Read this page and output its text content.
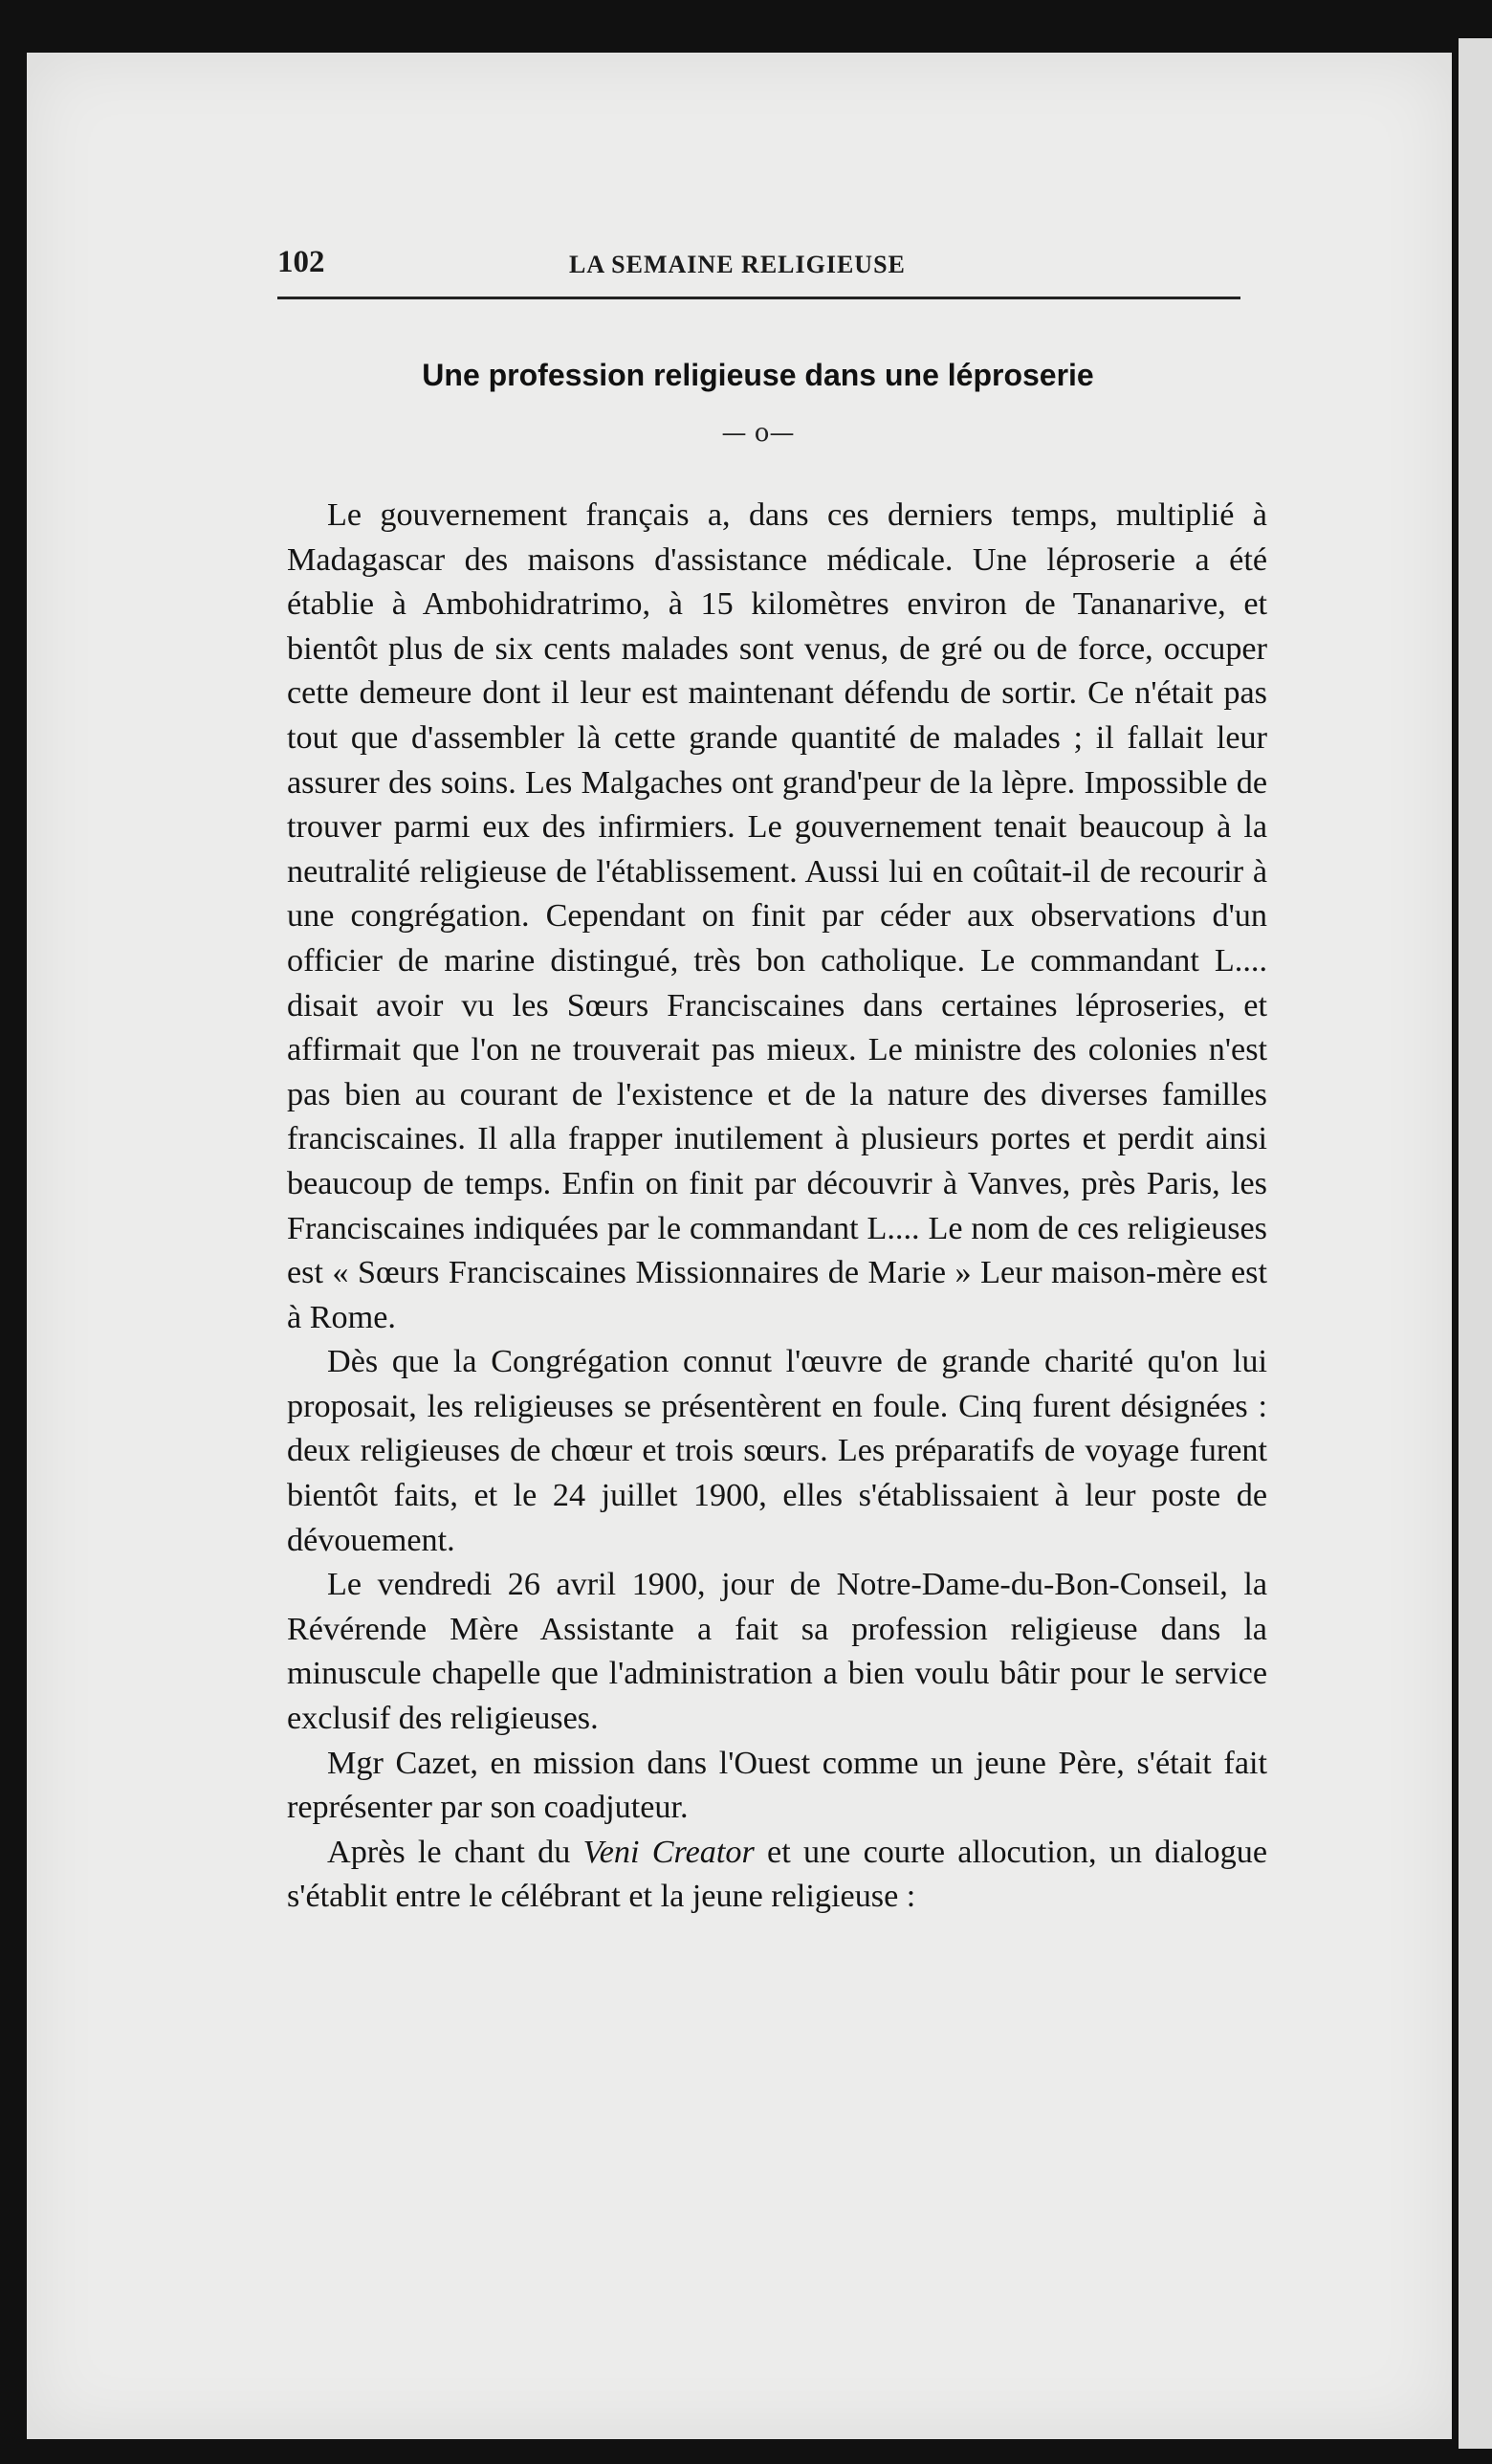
102	LA SEMAINE RELIGIEUSE
Une profession religieuse dans une léproserie
— o—

Le gouvernement français a, dans ces derniers temps, multiplié à Madagascar des maisons d'assistance médicale. Une léproserie a été établie à Ambohidratrimo, à 15 kilomètres environ de Tananarive, et bientôt plus de six cents malades sont venus, de gré ou de force, occuper cette demeure dont il leur est maintenant défendu de sortir. Ce n'était pas tout que d'assembler là cette grande quantité de malades ; il fallait leur assurer des soins. Les Malgaches ont grand'peur de la lèpre. Impossible de trouver parmi eux des infirmiers. Le gouvernement tenait beaucoup à la neutralité religieuse de l'établissement. Aussi lui en coûtait-il de recourir à une congrégation. Cependant on finit par céder aux observations d'un officier de marine distingué, très bon catholique. Le commandant L.... disait avoir vu les Sœurs Franciscaines dans certaines léproseries, et affirmait que l'on ne trouverait pas mieux. Le ministre des colonies n'est pas bien au courant de l'existence et de la nature des diverses familles franciscaines. Il alla frapper inutilement à plusieurs portes et perdit ainsi beaucoup de temps. Enfin on finit par découvrir à Vanves, près Paris, les Franciscaines indiquées par le commandant L.... Le nom de ces religieuses est « Sœurs Franciscaines Missionnaires de Marie » Leur maison-mère est à Rome.

Dès que la Congrégation connut l'œuvre de grande charité qu'on lui proposait, les religieuses se présentèrent en foule. Cinq furent désignées : deux religieuses de chœur et trois sœurs. Les préparatifs de voyage furent bientôt faits, et le 24 juillet 1900, elles s'établissaient à leur poste de dévouement.

Le vendredi 26 avril 1900, jour de Notre-Dame-du-Bon-Conseil, la Révérende Mère Assistante a fait sa profession religieuse dans la minuscule chapelle que l'administration a bien voulu bâtir pour le service exclusif des religieuses.

Mgr Cazet, en mission dans l'Ouest comme un jeune Père, s'était fait représenter par son coadjuteur.

Après le chant du Veni Creator et une courte allocution, un dialogue s'établit entre le célébrant et la jeune religieuse :
